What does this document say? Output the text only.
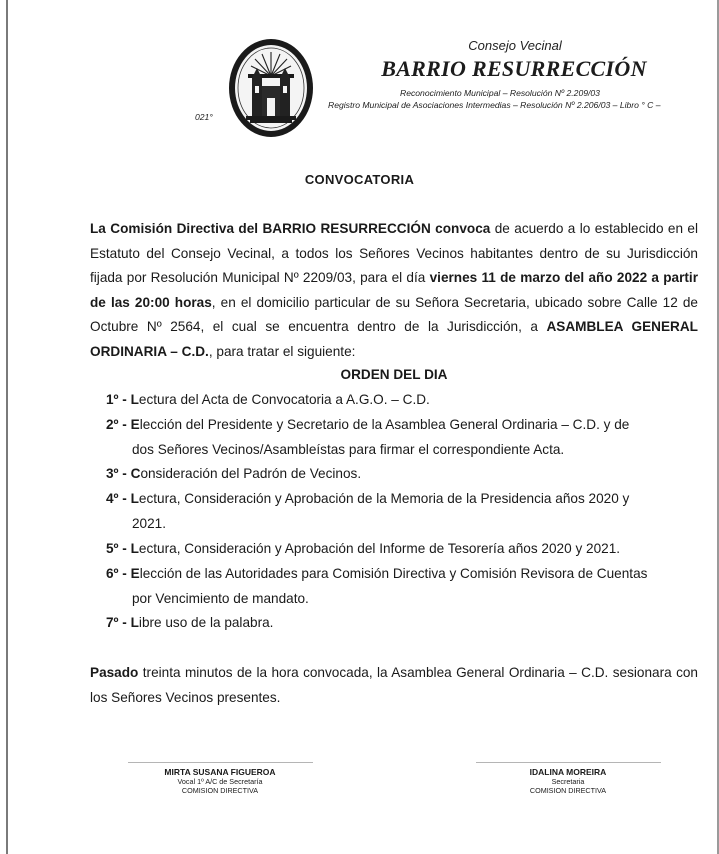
Consejo Vecinal
BARRIO RESURRECCIÓN
Reconocimiento Municipal – Resolución Nº 2.209/03
Registro Municipal de Asociaciones Intermedias – Resolución Nº 2.206/03 – Libro ° C –
021°
CONVOCATORIA
La Comisión Directiva del BARRIO RESURRECCIÓN convoca de acuerdo a lo establecido en el Estatuto del Consejo Vecinal, a todos los Señores Vecinos habitantes dentro de su Jurisdicción fijada por Resolución Municipal Nº 2209/03, para el día viernes 11 de marzo del año 2022 a partir de las 20:00 horas, en el domicilio particular de su Señora Secretaria, ubicado sobre Calle 12 de Octubre Nº 2564, el cual se encuentra dentro de la Jurisdicción, a ASAMBLEA GENERAL ORDINARIA – C.D., para tratar el siguiente:
ORDEN DEL DIA
1º - Lectura del Acta de Convocatoria a A.G.O. – C.D.
2º - Elección del Presidente y Secretario de la Asamblea General Ordinaria – C.D. y de
dos Señores Vecinos/Asambleístas para firmar el correspondiente Acta.
3º - Consideración del Padrón de Vecinos.
4º - Lectura, Consideración y Aprobación de la Memoria de la Presidencia años 2020 y
2021.
5º - Lectura, Consideración y Aprobación del Informe de Tesorería años 2020 y 2021.
6º - Elección de las Autoridades para Comisión Directiva y Comisión Revisora de Cuentas
por Vencimiento de mandato.
7º - Libre uso de la palabra.
Pasado treinta minutos de la hora convocada, la Asamblea General Ordinaria – C.D. sesionara con los Señores Vecinos presentes.
MIRTA SUSANA FIGUEROA
Vocal 1º A/C de Secretaría
COMISION DIRECTIVA
IDALINA MOREIRA
Secretaria
COMISION DIRECTIVA
